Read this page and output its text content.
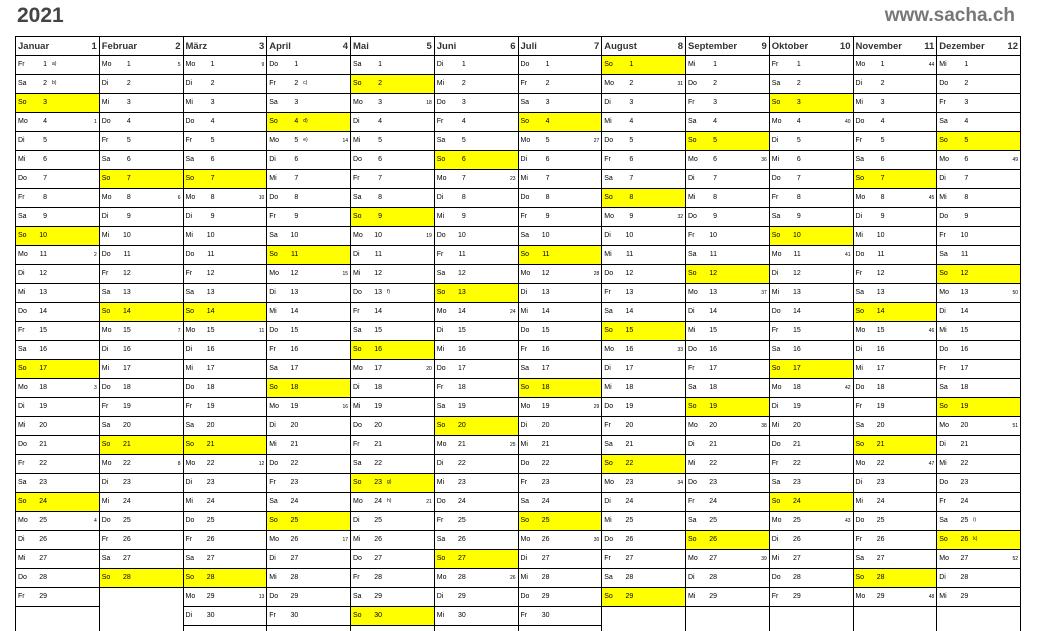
2021	www.sacha.ch
Januar	1
Fr	1 a)
Sa	2 b)
So	3
Mo	4	1
Di	5
Mi	6
Do	7
Fr	8
Sa	9
So	10
Mo	11	2
Di	12
Mi	13
Do	14
Fr	15
Sa	16
So	17
Mo	18	3
Di	19
Mi	20
Do	21
Fr	22
Sa	23
So	24
Mo	25	4
Di	26
Mi	27
Do	28
Fr	29
Februar	2
Mo	1	5
Di	2
Mi	3
Do	4
Fr	5
Sa	6
So	7
Mo	8	6
Di	9
Mi	10
Do	11
Fr	12
Sa	13
So	14
Mo	15	7
Di	16
Mi	17
Do	18
Fr	19
Sa	20
So	21
Mo	22	8
Di	23
Mi	24
Do	25
Fr	26
Sa	27
So	28
März	3
Mo	1	9
Di	2
Mi	3
Do	4
Fr	5
Sa	6
So	7
Mo	8	10
Di	9
Mi	10
Do	11
Fr	12
Sa	13
So	14
Mo	15	11
Di	16
Mi	17
Do	18
Fr	19
Sa	20
So	21
Mo	22	12
Di	23
Mi	24
Do	25
Fr	26
Sa	27
So	28
Mo	29	13
Di	30
April	4
Do	1
Fr	2 c)
Sa	3
So	4 d)
Mo	5 e)	14
Di	6
Mi	7
Do	8
Fr	9
Sa	10
So	11
Mo	12	15
Di	13
Mi	14
Do	15
Fr	16
Sa	17
So	18
Mo	19	16
Di	20
Mi	21
Do	22
Fr	23
Sa	24
So	25
Mo	26	17
Di	27
Mi	28
Do	29
Fr	30
Mai	5
Sa	1
So	2
Mo	3	18
Di	4
Mi	5
Do	6
Fr	7
Sa	8
So	9
Mo	10	19
Di	11
Mi	12
Do	13 f)
Fr	14
Sa	15
So	16
Mo	17	20
Di	18
Mi	19
Do	20
Fr	21
Sa	22
So	23 g)
Mo	24 h)	21
Di	25
Mi	26
Do	27
Fr	28
Sa	29
So	30
Juni	6
Di	1
Mi	2
Do	3
Fr	4
Sa	5
So	6
Mo	7	23
Di	8
Mi	9
Do	10
Fr	11
Sa	12
So	13
Mo	14	24
Di	15
Mi	16
Do	17
Fr	18
Sa	19
So	20
Mo	21	25
Di	22
Mi	23
Do	24
Fr	25
Sa	26
So	27
Mo	28	26
Di	29
Mi	30
Juli	7
Do	1
Fr	2
Sa	3
So	4
Mo	5	27
Di	6
Mi	7
Do	8
Fr	9
Sa	10
So	11
Mo	12	28
Di	13
Mi	14
Do	15
Fr	16
Sa	17
So	18
Mo	19	29
Di	20
Mi	21
Do	22
Fr	23
Sa	24
So	25
Mo	26	30
Di	27
Mi	28
Do	29
Fr	30
August	8
So	1
Mo	2	31
Di	3
Mi	4
Do	5
Fr	6
Sa	7
So	8
Mo	9	32
Di	10
Mi	11
Do	12
Fr	13
Sa	14
So	15
Mo	16	33
Di	17
Mi	18
Do	19
Fr	20
Sa	21
So	22
Mo	23	34
Di	24
Mi	25
Do	26
Fr	27
Sa	28
So	29
September	9
Mi	1
Do	2
Fr	3
Sa	4
So	5
Mo	6	36
Di	7
Mi	8
Do	9
Fr	10
Sa	11
So	12
Mo	13	37
Di	14
Mi	15
Do	16
Fr	17
Sa	18
So	19
Mo	20	38
Di	21
Mi	22
Do	23
Fr	24
Sa	25
So	26
Mo	27	39
Di	28
Mi	29
Oktober	10
Fr	1
Sa	2
So	3
Mo	4	40
Di	5
Mi	6
Do	7
Fr	8
Sa	9
So	10
Mo	11	41
Di	12
Mi	13
Do	14
Fr	15
Sa	16
So	17
Mo	18	42
Di	19
Mi	20
Do	21
Fr	22
Sa	23
So	24
Mo	25	43
Di	26
Mi	27
Do	28
Fr	29
November 11
Mo	1	44
Di	2
Mi	3
Do	4
Fr	5
Sa	6
So	7
Mo	8	45
Di	9
Mi	10
Do	11
Fr	12
Sa	13
So	14
Mo	15	46
Di	16
Mi	17
Do	18
Fr	19
Sa	20
So	21
Mo	22	47
Di	23
Mi	24
Do	25
Fr	26
Sa	27
So	28
Mo	29	48
Dezember 12
Mi	1
Do	2
Fr	3
Sa	4
So	5
Mo	6	49
Di	7
Mi	8
Do	9
Fr	10
Sa	11
So	12
Mo	13	50
Di	14
Mi	15
Do	16
Fr	17
Sa	18
So	19
Mo	20	51
Di	21
Mi	22
Do	23
Fr	24
Sa	25 i)
So	26 k)
Mo	27	52
Di	28
Mi	29
